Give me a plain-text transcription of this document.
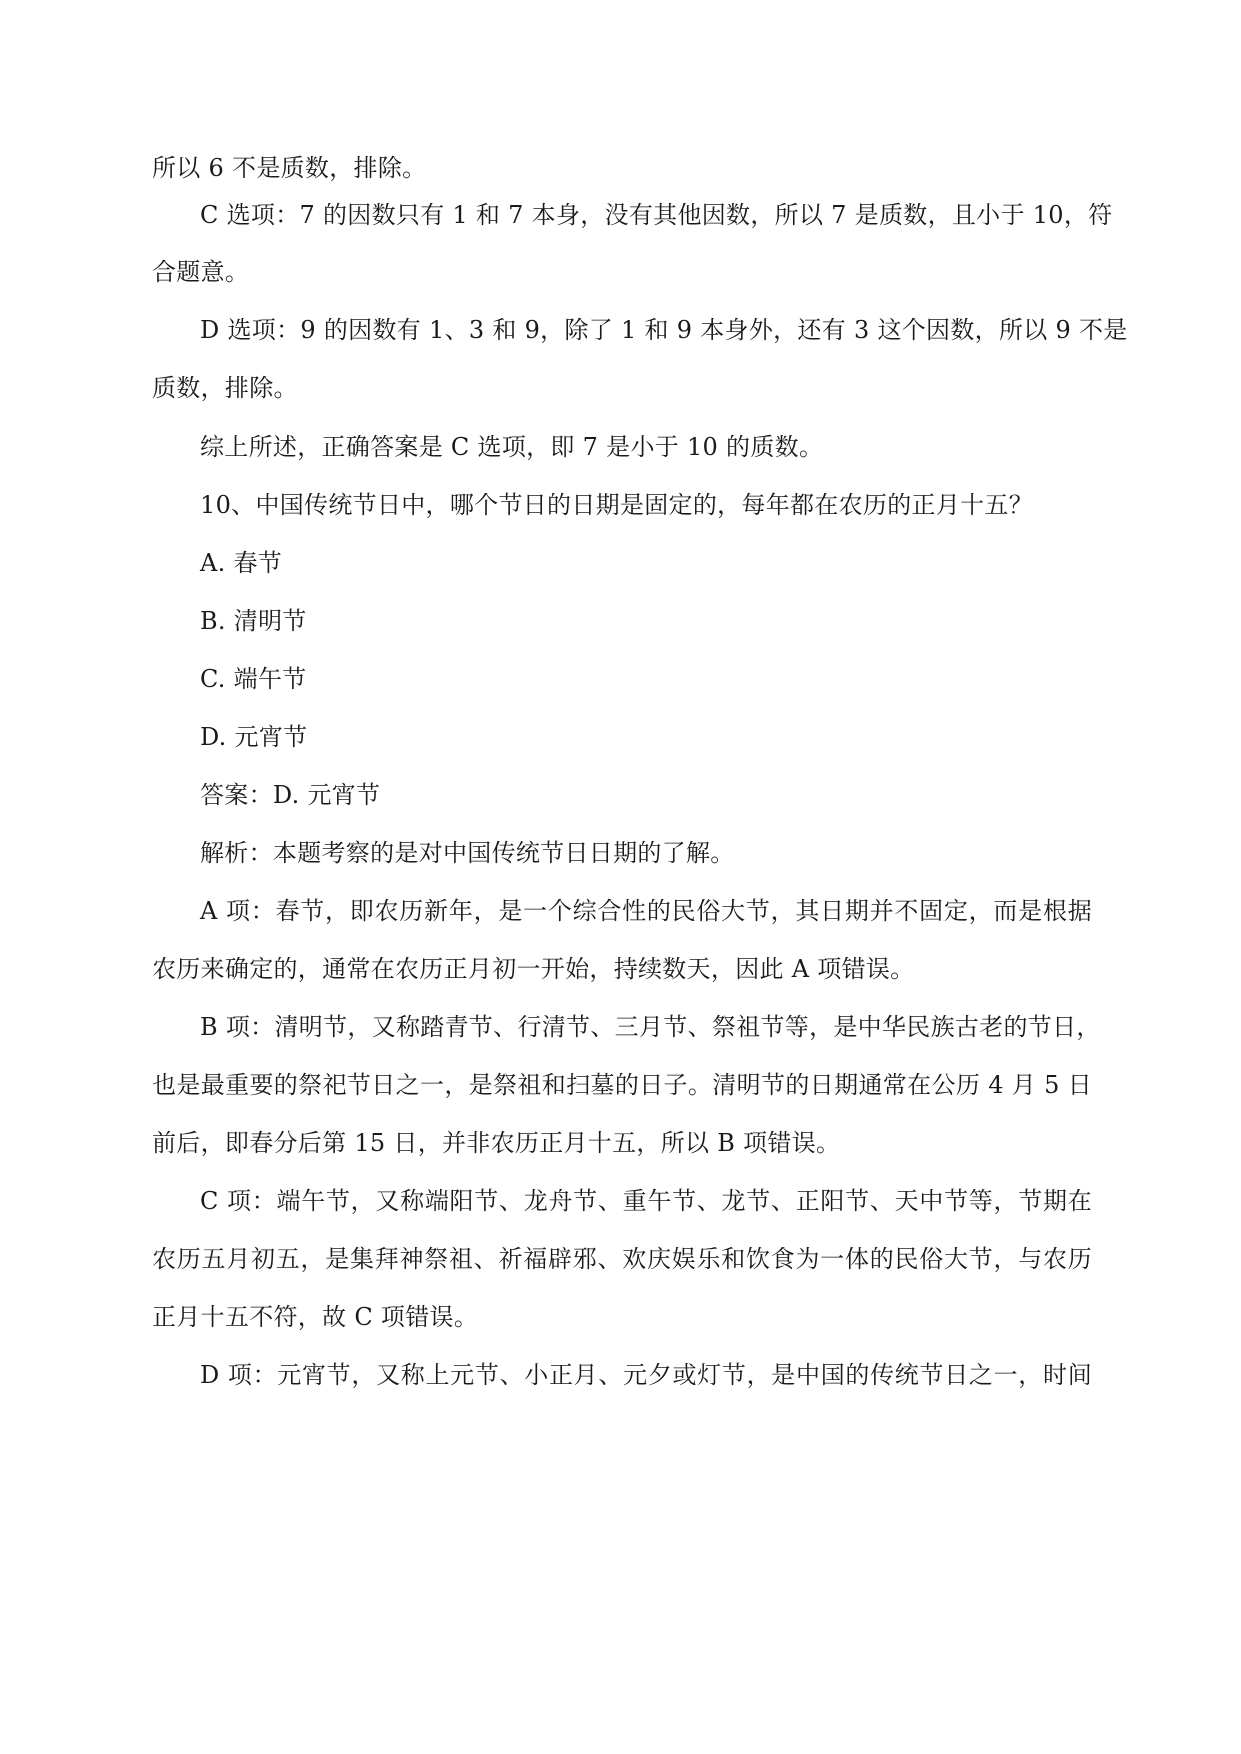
所以 6 不是质数，排除。
C 选项：7 的因数只有 1 和 7 本身，没有其他因数，所以 7 是质数，且小于 10，符
合题意。
D 选项：9 的因数有 1、3 和 9，除了 1 和 9 本身外，还有 3 这个因数，所以 9 不是
质数，排除。
综上所述，正确答案是 C 选项，即 7 是小于 10 的质数。
10、中国传统节日中，哪个节日的日期是固定的，每年都在农历的正月十五？
A. 春节
B. 清明节
C. 端午节
D. 元宵节
答案：D. 元宵节
解析：本题考察的是对中国传统节日日期的了解。
A 项：春节，即农历新年，是一个综合性的民俗大节，其日期并不固定，而是根据
农历来确定的，通常在农历正月初一开始，持续数天，因此 A 项错误。
B 项：清明节，又称踏青节、行清节、三月节、祭祖节等，是中华民族古老的节日，
也是最重要的祭祀节日之一，是祭祖和扫墓的日子。清明节的日期通常在公历 4 月 5 日
前后，即春分后第 15 日，并非农历正月十五，所以 B 项错误。
C 项：端午节，又称端阳节、龙舟节、重午节、龙节、正阳节、天中节等，节期在
农历五月初五，是集拜神祭祖、祈福辟邪、欢庆娱乐和饮食为一体的民俗大节，与农历
正月十五不符，故 C 项错误。
D 项：元宵节，又称上元节、小正月、元夕或灯节，是中国的传统节日之一，时间
